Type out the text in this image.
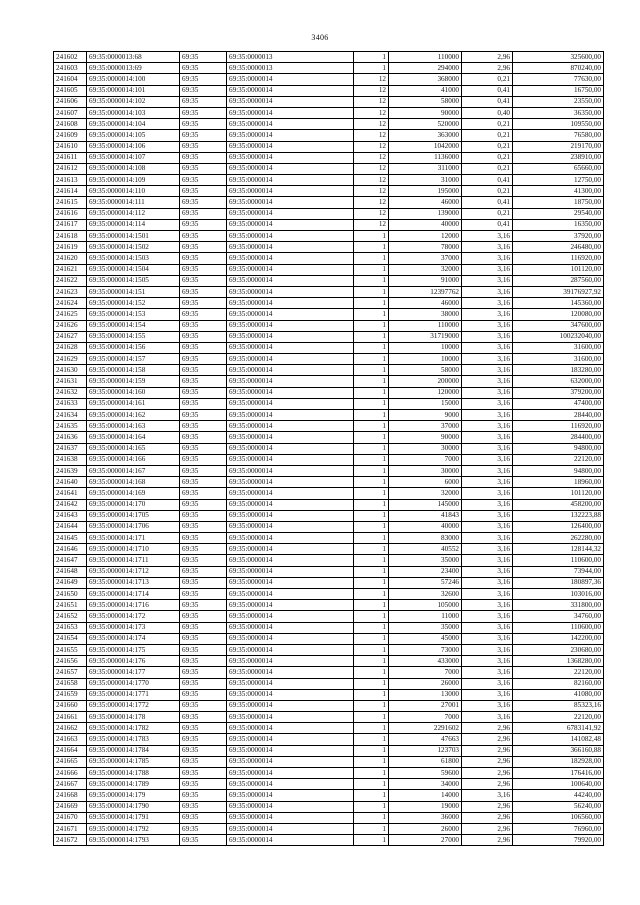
3406
241602	69:35:0000013:68	69:35	69:35:0000013	1	110000	2,96	325600,00
241603	69:35:0000013:69	69:35	69:35:0000013	1	294000	2,96	870240,00
241604	69:35:0000014:100	69:35	69:35:0000014	12	368000	0,21	77630,00
241605	69:35:0000014:101	69:35	69:35:0000014	12	41000	0,41	16750,00
241606	69:35:0000014:102	69:35	69:35:0000014	12	58000	0,41	23550,00
241607	69:35:0000014:103	69:35	69:35:0000014	12	90000	0,40	36350,00
241608	69:35:0000014:104	69:35	69:35:0000014	12	520000	0,21	109550,00
241609	69:35:0000014:105	69:35	69:35:0000014	12	363000	0,21	76580,00
241610	69:35:0000014:106	69:35	69:35:0000014	12	1042000	0,21	219170,00
241611	69:35:0000014:107	69:35	69:35:0000014	12	1136000	0,21	238910,00
241612	69:35:0000014:108	69:35	69:35:0000014	12	311000	0,21	65660,00
241613	69:35:0000014:109	69:35	69:35:0000014	12	31000	0,41	12750,00
241614	69:35:0000014:110	69:35	69:35:0000014	12	195000	0,21	41300,00
241615	69:35:0000014:111	69:35	69:35:0000014	12	46000	0,41	18750,00
241616	69:35:0000014:112	69:35	69:35:0000014	12	139000	0,21	29540,00
241617	69:35:0000014:114	69:35	69:35:0000014	12	40000	0,41	16350,00
241618	69:35:0000014:1501	69:35	69:35:0000014	1	12000	3,16	37920,00
241619	69:35:0000014:1502	69:35	69:35:0000014	1	78000	3,16	246480,00
241620	69:35:0000014:1503	69:35	69:35:0000014	1	37000	3,16	116920,00
241621	69:35:0000014:1504	69:35	69:35:0000014	1	32000	3,16	101120,00
241622	69:35:0000014:1505	69:35	69:35:0000014	1	91000	3,16	287560,00
241623	69:35:0000014:151	69:35	69:35:0000014	1	12397762	3,16	39176927,92
241624	69:35:0000014:152	69:35	69:35:0000014	1	46000	3,16	145360,00
241625	69:35:0000014:153	69:35	69:35:0000014	1	38000	3,16	120080,00
241626	69:35:0000014:154	69:35	69:35:0000014	1	110000	3,16	347600,00
241627	69:35:0000014:155	69:35	69:35:0000014	1	31719000	3,16	100232040,00
241628	69:35:0000014:156	69:35	69:35:0000014	1	10000	3,16	31600,00
241629	69:35:0000014:157	69:35	69:35:0000014	1	10000	3,16	31600,00
241630	69:35:0000014:158	69:35	69:35:0000014	1	58000	3,16	183280,00
241631	69:35:0000014:159	69:35	69:35:0000014	1	200000	3,16	632000,00
241632	69:35:0000014:160	69:35	69:35:0000014	1	120000	3,16	379200,00
241633	69:35:0000014:161	69:35	69:35:0000014	1	15000	3,16	47400,00
241634	69:35:0000014:162	69:35	69:35:0000014	1	9000	3,16	28440,00
241635	69:35:0000014:163	69:35	69:35:0000014	1	37000	3,16	116920,00
241636	69:35:0000014:164	69:35	69:35:0000014	1	90000	3,16	284400,00
241637	69:35:0000014:165	69:35	69:35:0000014	1	30000	3,16	94800,00
241638	69:35:0000014:166	69:35	69:35:0000014	1	7000	3,16	22120,00
241639	69:35:0000014:167	69:35	69:35:0000014	1	30000	3,16	94800,00
241640	69:35:0000014:168	69:35	69:35:0000014	1	6000	3,16	18960,00
241641	69:35:0000014:169	69:35	69:35:0000014	1	32000	3,16	101120,00
241642	69:35:0000014:170	69:35	69:35:0000014	1	145000	3,16	458200,00
241643	69:35:0000014:1705	69:35	69:35:0000014	1	41843	3,16	132223,88
241644	69:35:0000014:1706	69:35	69:35:0000014	1	40000	3,16	126400,00
241645	69:35:0000014:171	69:35	69:35:0000014	1	83000	3,16	262280,00
241646	69:35:0000014:1710	69:35	69:35:0000014	1	40552	3,16	128144,32
241647	69:35:0000014:1711	69:35	69:35:0000014	1	35000	3,16	110600,00
241648	69:35:0000014:1712	69:35	69:35:0000014	1	23400	3,16	73944,00
241649	69:35:0000014:1713	69:35	69:35:0000014	1	57246	3,16	180897,36
241650	69:35:0000014:1714	69:35	69:35:0000014	1	32600	3,16	103016,00
241651	69:35:0000014:1716	69:35	69:35:0000014	1	105000	3,16	331800,00
241652	69:35:0000014:172	69:35	69:35:0000014	1	11000	3,16	34760,00
241653	69:35:0000014:173	69:35	69:35:0000014	1	35000	3,16	110600,00
241654	69:35:0000014:174	69:35	69:35:0000014	1	45000	3,16	142200,00
241655	69:35:0000014:175	69:35	69:35:0000014	1	73000	3,16	230680,00
241656	69:35:0000014:176	69:35	69:35:0000014	1	433000	3,16	1368280,00
241657	69:35:0000014:177	69:35	69:35:0000014	1	7000	3,16	22120,00
241658	69:35:0000014:1770	69:35	69:35:0000014	1	26000	3,16	82160,00
241659	69:35:0000014:1771	69:35	69:35:0000014	1	13000	3,16	41080,00
241660	69:35:0000014:1772	69:35	69:35:0000014	1	27001	3,16	85323,16
241661	69:35:0000014:178	69:35	69:35:0000014	1	7000	3,16	22120,00
241662	69:35:0000014:1782	69:35	69:35:0000014	1	2291602	2,96	6783141,92
241663	69:35:0000014:1783	69:35	69:35:0000014	1	47663	2,96	141082,48
241664	69:35:0000014:1784	69:35	69:35:0000014	1	123703	2,96	366160,88
241665	69:35:0000014:1785	69:35	69:35:0000014	1	61800	2,96	182928,00
241666	69:35:0000014:1788	69:35	69:35:0000014	1	59600	2,96	176416,00
241667	69:35:0000014:1789	69:35	69:35:0000014	1	34000	2,96	100640,00
241668	69:35:0000014:179	69:35	69:35:0000014	1	14000	3,16	44240,00
241669	69:35:0000014:1790	69:35	69:35:0000014	1	19000	2,96	56240,00
241670	69:35:0000014:1791	69:35	69:35:0000014	1	36000	2,96	106560,00
241671	69:35:0000014:1792	69:35	69:35:0000014	1	26000	2,96	76960,00
241672	69:35:0000014:1793	69:35	69:35:0000014	1	27000	2,96	79920,00
